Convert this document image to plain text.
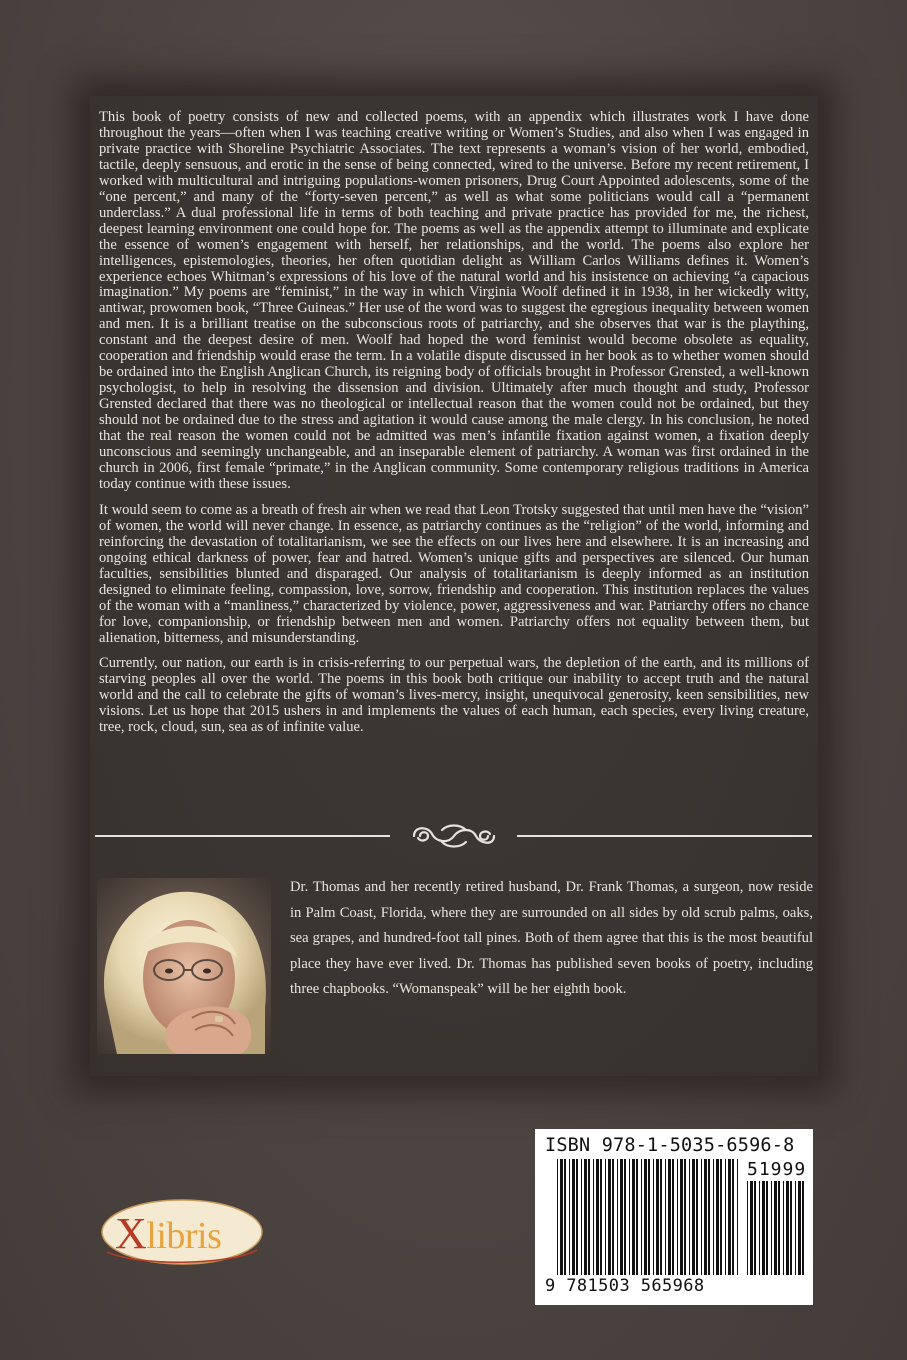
This book of poetry consists of new and collected poems, with an appendix which illustrates work I have done throughout the years—often when I was teaching creative writing or Women’s Studies, and also when I was engaged in private practice with Shoreline Psychiatric Associates. The text represents a woman’s vision of her world, embodied, tactile, deeply sensuous, and erotic in the sense of being connected, wired to the universe. Before my recent retirement, I worked with multicultural and intriguing populations-women prisoners, Drug Court Appointed adolescents, some of the “one percent,” and many of the “forty-seven percent,” as well as what some politicians would call a “permanent underclass.” A dual professional life in terms of both teaching and private practice has provided for me, the richest, deepest learning environment one could hope for. The poems as well as the appendix attempt to illuminate and explicate the essence of women’s engagement with herself, her relationships, and the world. The poems also explore her intelligences, epistemologies, theories, her often quotidian delight as William Carlos Williams defines it. Women’s experience echoes Whitman’s expressions of his love of the natural world and his insistence on achieving “a capacious imagination.” My poems are “feminist,” in the way in which Virginia Woolf defined it in 1938, in her wickedly witty, antiwar, prowomen book, “Three Guineas.” Her use of the word was to suggest the egregious inequality between women and men. It is a brilliant treatise on the subconscious roots of patriarchy, and she observes that war is the plaything, constant and the deepest desire of men. Woolf had hoped the word feminist would become obsolete as equality, cooperation and friendship would erase the term. In a volatile dispute discussed in her book as to whether women should be ordained into the English Anglican Church, its reigning body of officials brought in Professor Grensted, a well-known psychologist, to help in resolving the dissension and division. Ultimately after much thought and study, Professor Grensted declared that there was no theological or intellectual reason that the women could not be ordained, but they should not be ordained due to the stress and agitation it would cause among the male clergy. In his conclusion, he noted that the real reason the women could not be admitted was men’s infantile fixation against women, a fixation deeply unconscious and seemingly unchangeable, and an inseparable element of patriarchy. A woman was first ordained in the church in 2006, first female “primate,” in the Anglican community. Some contemporary religious traditions in America today continue with these issues.

It would seem to come as a breath of fresh air when we read that Leon Trotsky suggested that until men have the “vision” of women, the world will never change. In essence, as patriarchy continues as the “religion” of the world, informing and reinforcing the devastation of totalitarianism, we see the effects on our lives here and elsewhere. It is an increasing and ongoing ethical darkness of power, fear and hatred. Women’s unique gifts and perspectives are silenced. Our human faculties, sensibilities blunted and disparaged. Our analysis of totalitarianism is deeply informed as an institution designed to eliminate feeling, compassion, love, sorrow, friendship and cooperation. This institution replaces the values of the woman with a “manliness,” characterized by violence, power, aggressiveness and war. Patriarchy offers no chance for love, companionship, or friendship between men and women. Patriarchy offers not equality between them, but alienation, bitterness, and misunderstanding.

Currently, our nation, our earth is in crisis-referring to our perpetual wars, the depletion of the earth, and its millions of starving peoples all over the world. The poems in this book both critique our inability to accept truth and the natural world and the call to celebrate the gifts of woman’s lives-mercy, insight, unequivocal generosity, keen sensibilities, new visions. Let us hope that 2015 ushers in and implements the values of each human, each species, every living creature, tree, rock, cloud, sun, sea as of infinite value.

Dr. Thomas and her recently retired husband, Dr. Frank Thomas, a surgeon, now reside in Palm Coast, Florida, where they are surrounded on all sides by old scrub palms, oaks, sea grapes, and hundred-foot tall pines. Both of them agree that this is the most beautiful place they have ever lived. Dr. Thomas has published seven books of poetry, including three chapbooks. “Womanspeak” will be her eighth book.
Xlibris
ISBN 978-1-5035-6596-8
51999
9 781503 565968
